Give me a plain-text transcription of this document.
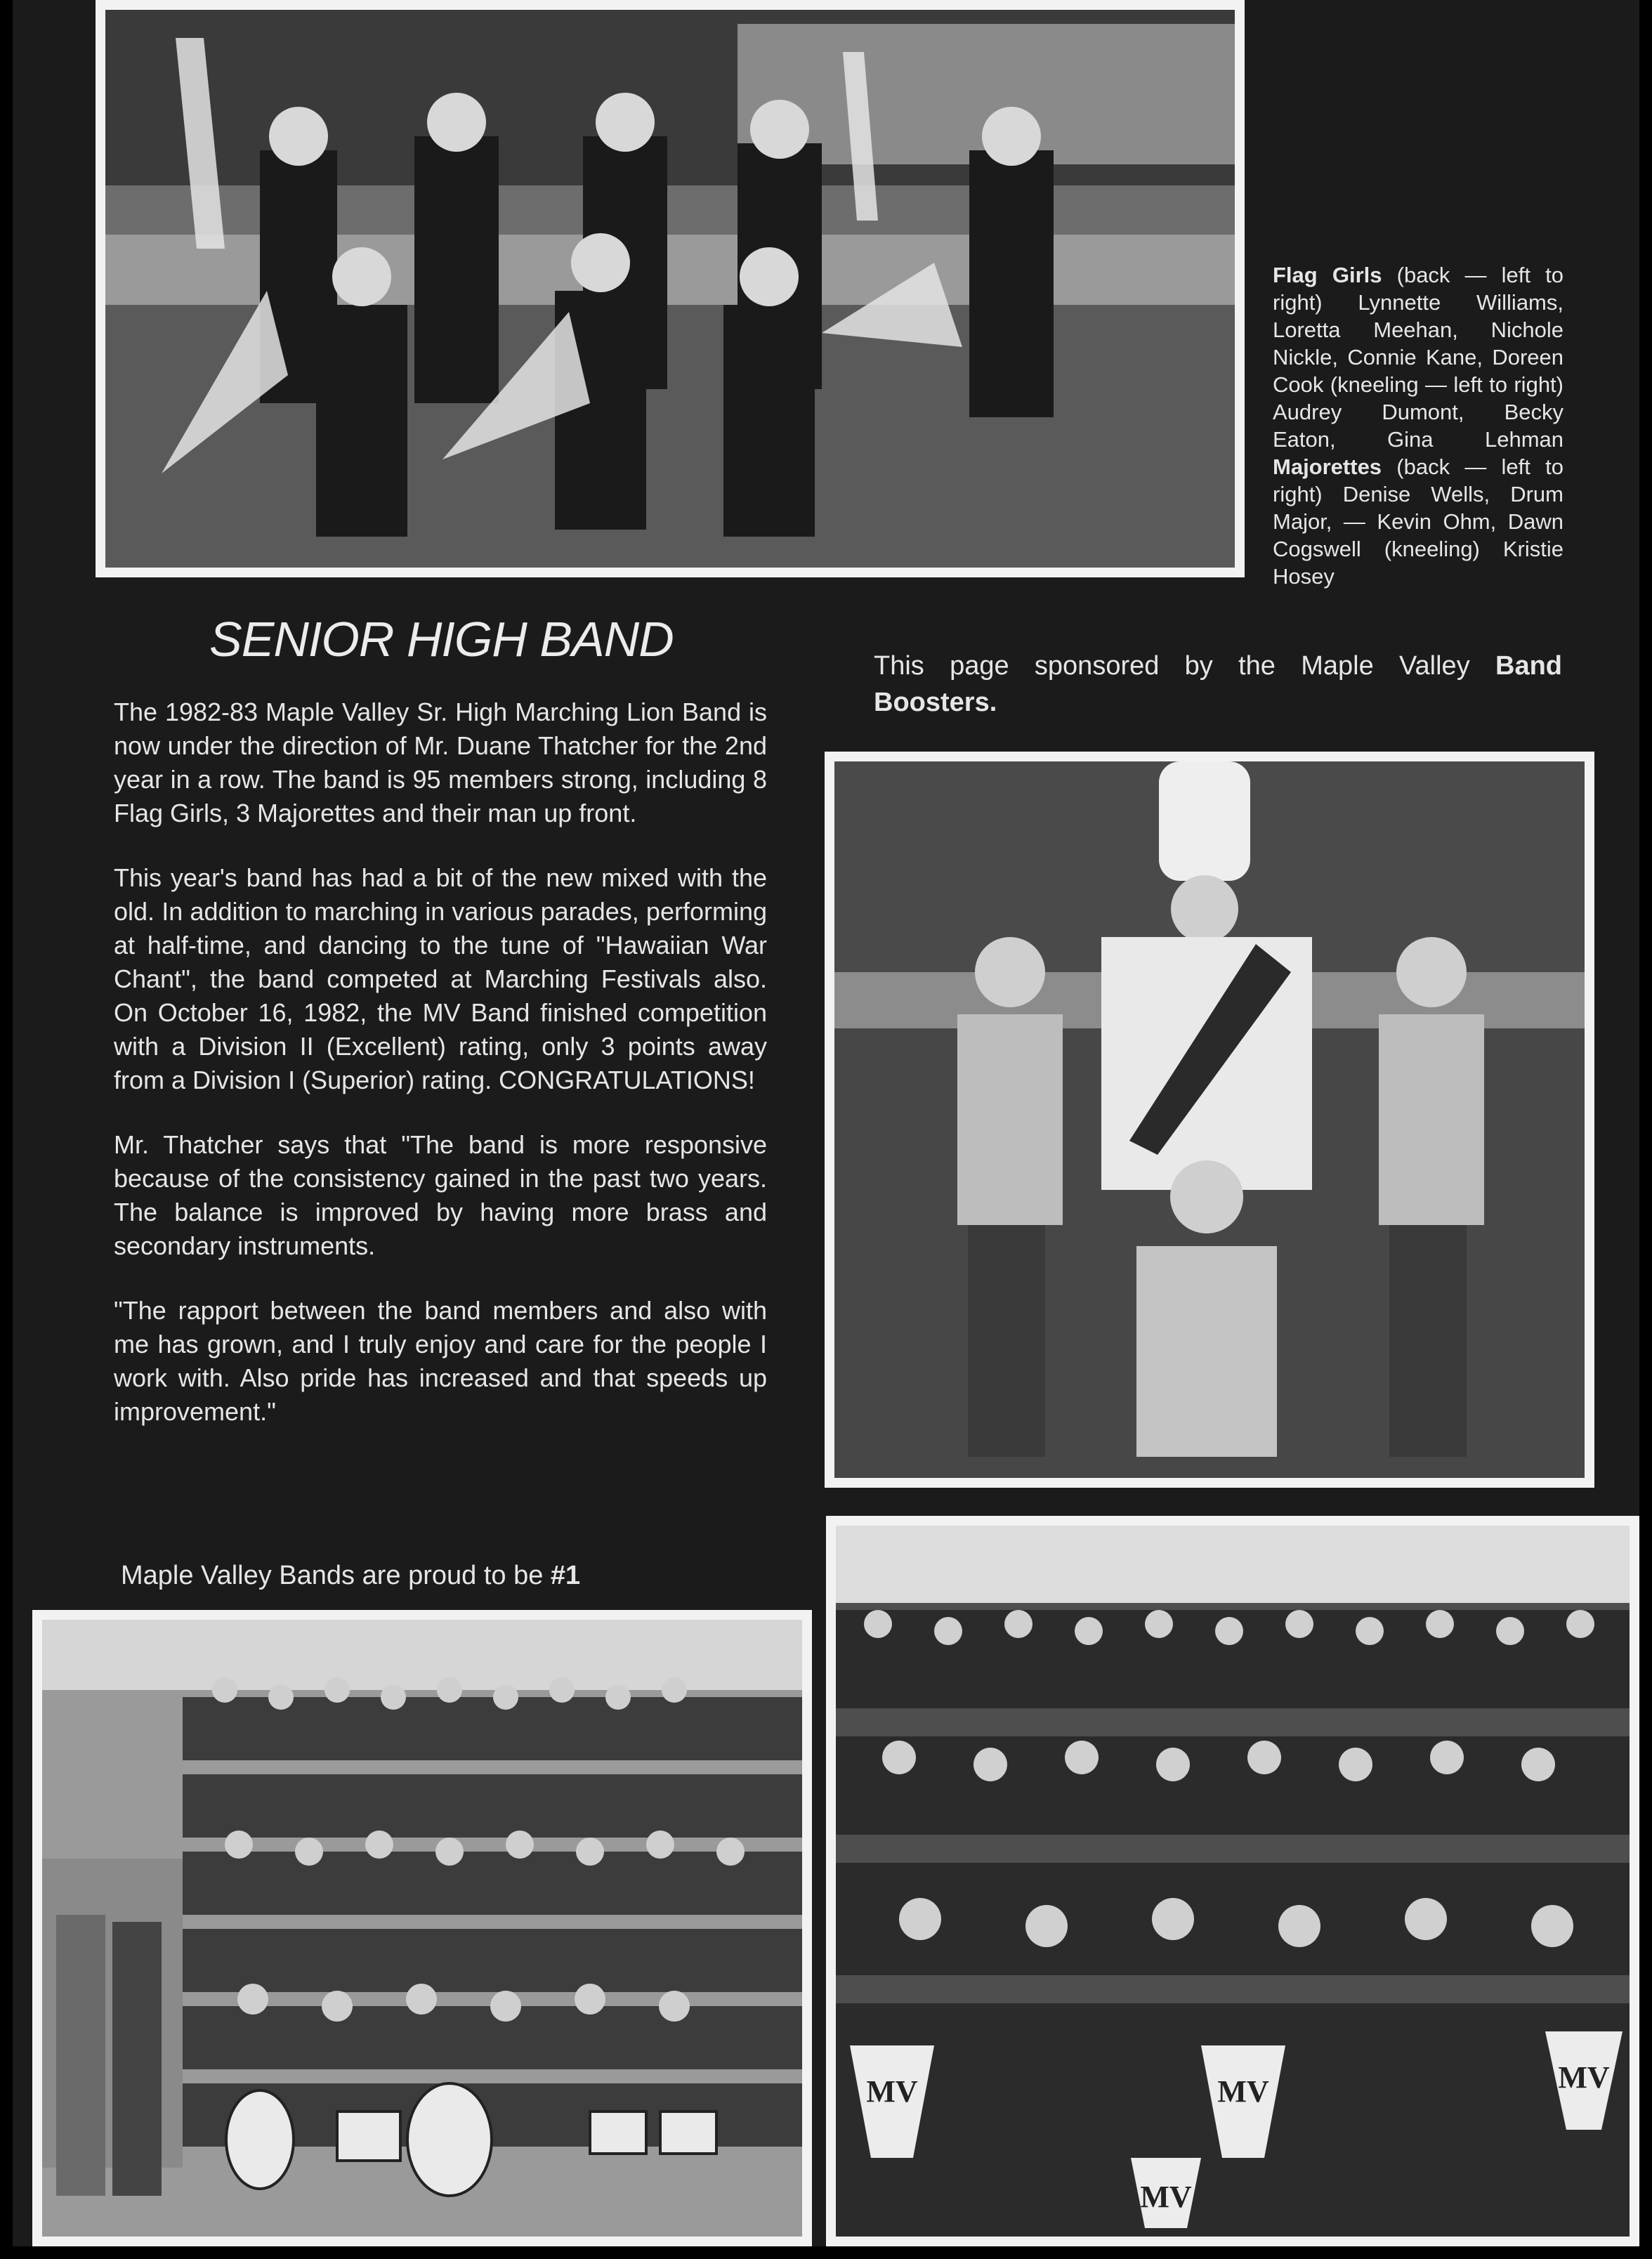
Flag Girls (back — left to right) Lynnette Williams, Loretta Meehan, Nichole Nickle, Connie Kane, Doreen Cook (kneeling — left to right) Audrey Dumont, Becky Eaton, Gina Lehman Majorettes (back — left to right) Denise Wells, Drum Major, — Kevin Ohm, Dawn Cogswell (kneeling) Kristie Hosey
SENIOR HIGH BAND	This page sponsored by the Maple Valley Band Boosters.

The 1982-83 Maple Valley Sr. High Marching Lion Band is now under the direction of Mr. Duane Thatcher for the 2nd year in a row. The band is 95 members strong, including 8 Flag Girls, 3 Majorettes and their man up front.

This year's band has had a bit of the new mixed with the old. In addition to marching in various parades, performing at half-time, and dancing to the tune of "Hawaiian War Chant", the band competed at Marching Festivals also. On October 16, 1982, the MV Band finished competition with a Division II (Excellent) rating, only 3 points away from a Division I (Superior) rating. CONGRATULATIONS!

Mr. Thatcher says that "The band is more responsive because of the consistency gained in the past two years. The balance is improved by having more brass and secondary instruments.

"The rapport between the band members and also with me has grown, and I truly enjoy and care for the people I work with. Also pride has increased and that speeds up improvement."

Maple Valley Bands are proud to be #1
MV	MV	MV
MV
